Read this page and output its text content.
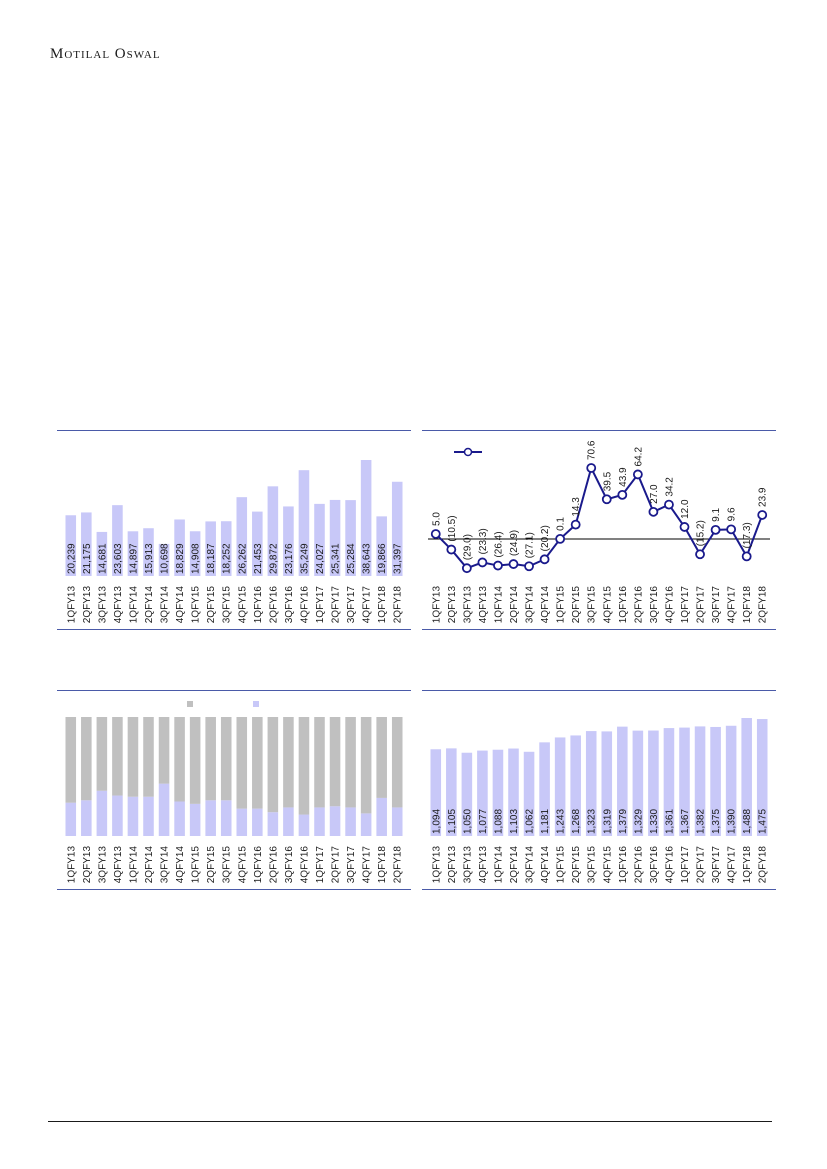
Motilal Oswal
20,239 21,175 14,681 23,603 14,897 15,913 10,698 18,829 14,908 18,187 18,252 26,262 21,453 29,872 23,176 35,249 24,027 25,341 25,284 38,643 19,866 31,397
1QFY13 2QFY13 3QFY13 4QFY13 1QFY14 2QFY14 3QFY14 4QFY14 1QFY15 2QFY15 3QFY15 4QFY15 1QFY16 2QFY16 3QFY16 4QFY16 1QFY17 2QFY17 3QFY17 4QFY17 1QFY18 2QFY18
5.0 (10.5)
(29.0) (23.3) (26.4) (24.9) (27.1) (20.2)
0.1
14.3
70.6
39.5 43.9
64.2
27.0 34.2
12.0
(15.2)
9.1 9.6
(17.3)
23.9
1QFY13 2QFY13 3QFY13 4QFY13 1QFY14 2QFY14 3QFY14 4QFY14 1QFY15 2QFY15 3QFY15 4QFY15 1QFY16 2QFY16 3QFY16 4QFY16 1QFY17 2QFY17 3QFY17 4QFY17 1QFY18 2QFY18
1QFY13 2QFY13 3QFY13 4QFY13 1QFY14 2QFY14 3QFY14 4QFY14 1QFY15 2QFY15 3QFY15 4QFY15 1QFY16 2QFY16 3QFY16 4QFY16 1QFY17 2QFY17 3QFY17 4QFY17 1QFY18 2QFY18
1,094 1,105 1,050 1,077 1,088 1,103 1,062 1,181 1,243 1,268 1,323 1,319 1,379 1,329 1,330 1,361 1,367 1,382 1,375 1,390 1,488 1,475
1QFY13 2QFY13 3QFY13 4QFY13 1QFY14 2QFY14 3QFY14 4QFY14 1QFY15 2QFY15 3QFY15 4QFY15 1QFY16 2QFY16 3QFY16 4QFY16 1QFY17 2QFY17 3QFY17 4QFY17 1QFY18 2QFY18
